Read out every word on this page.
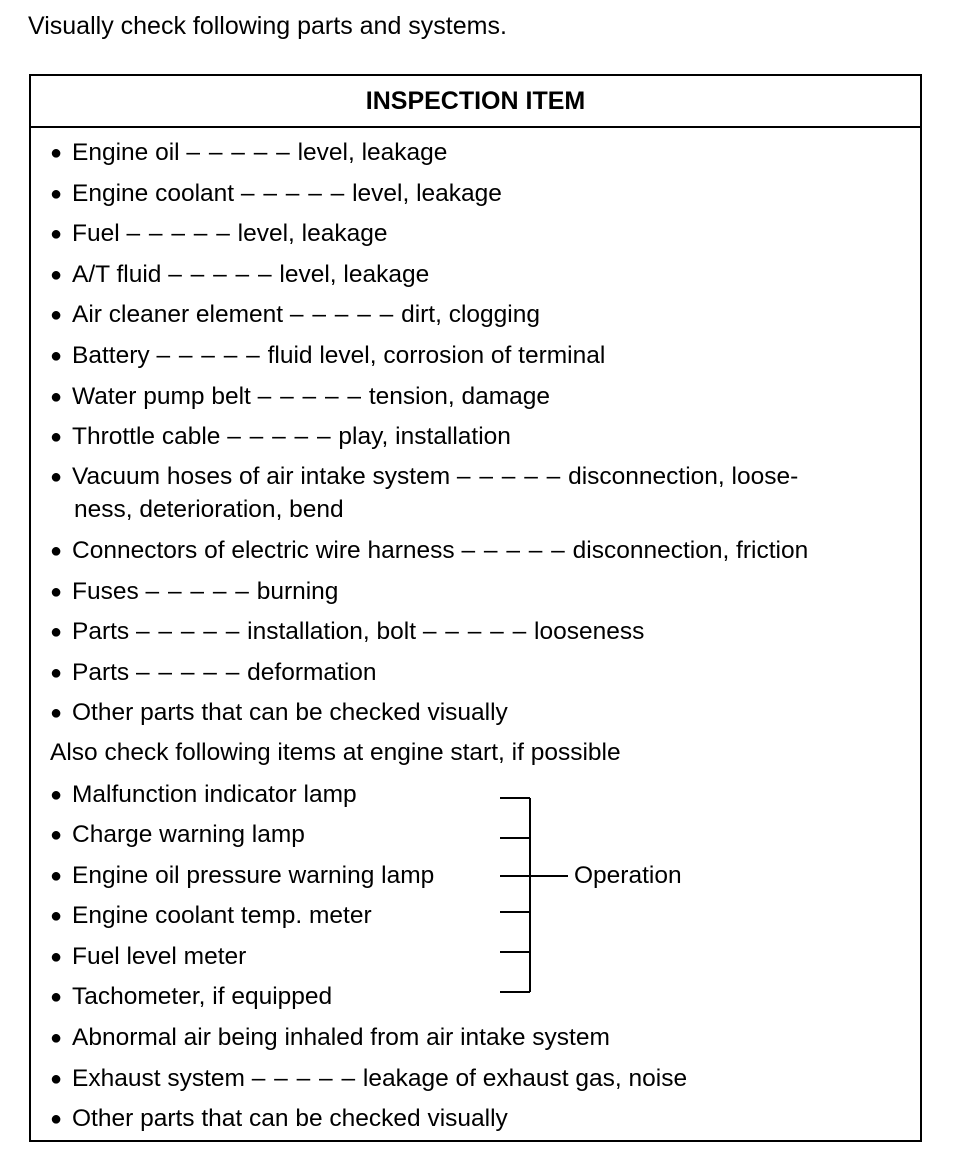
Visually check following parts and systems.
INSPECTION ITEM
● Engine oil – – – – – level, leakage
● Engine coolant – – – – – level, leakage
● Fuel – – – – – level, leakage
● A/T fluid – – – – – level, leakage
● Air cleaner element – – – – – dirt, clogging
● Battery – – – – – fluid level, corrosion of terminal
● Water pump belt – – – – – tension, damage
● Throttle cable – – – – – play, installation
● Vacuum hoses of air intake system – – – – – disconnection, loose-
ness, deterioration, bend
● Connectors of electric wire harness – – – – – disconnection, friction
● Fuses – – – – – burning
● Parts – – – – – installation, bolt – – – – – looseness
● Parts – – – – – deformation
● Other parts that can be checked visually
Also check following items at engine start, if possible
● Malfunction indicator lamp
● Charge warning lamp
● Engine oil pressure warning lamp
● Engine coolant temp. meter
● Fuel level meter
● Tachometer, if equipped
Operation
● Abnormal air being inhaled from air intake system
● Exhaust system – – – – – leakage of exhaust gas, noise
● Other parts that can be checked visually
